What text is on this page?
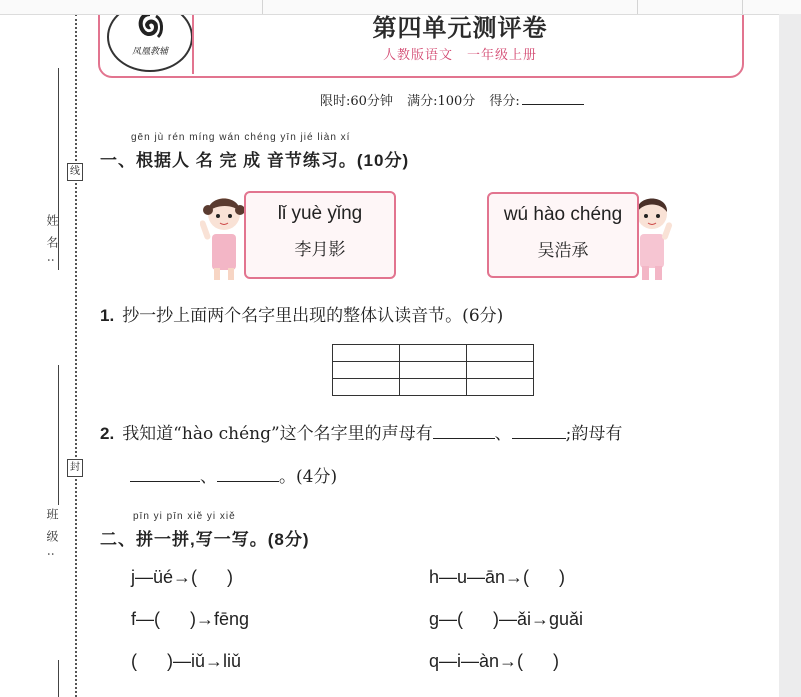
姓名:
班级:
线
封
凤凰教辅
第四单元测评卷
人教版语文　一年级上册
限时:60分钟 满分:100分 得分:
gēn jù rén míng wán chéng yīn jié liàn xí
一、根据人 名 完 成 音节练习。(10分)
lǐ yuè yǐng
李月影
wú hào chéng
吴浩承
1. 抄一抄上面两个名字里出现的整体认读音节。(6分)

2. 我知道“hào chéng”这个名字里的声母有	、	;韵母有
、	。(4分)
pīn yi pīn xiě yi xiě
二、拼一拼,写一写。(8分)
j—üé→(      )	h—u—ān→(      )
f—(      )→fēng	g—(      )—ǎi→guǎi
(      )—iǔ→liǔ	q—i—àn→(      )
